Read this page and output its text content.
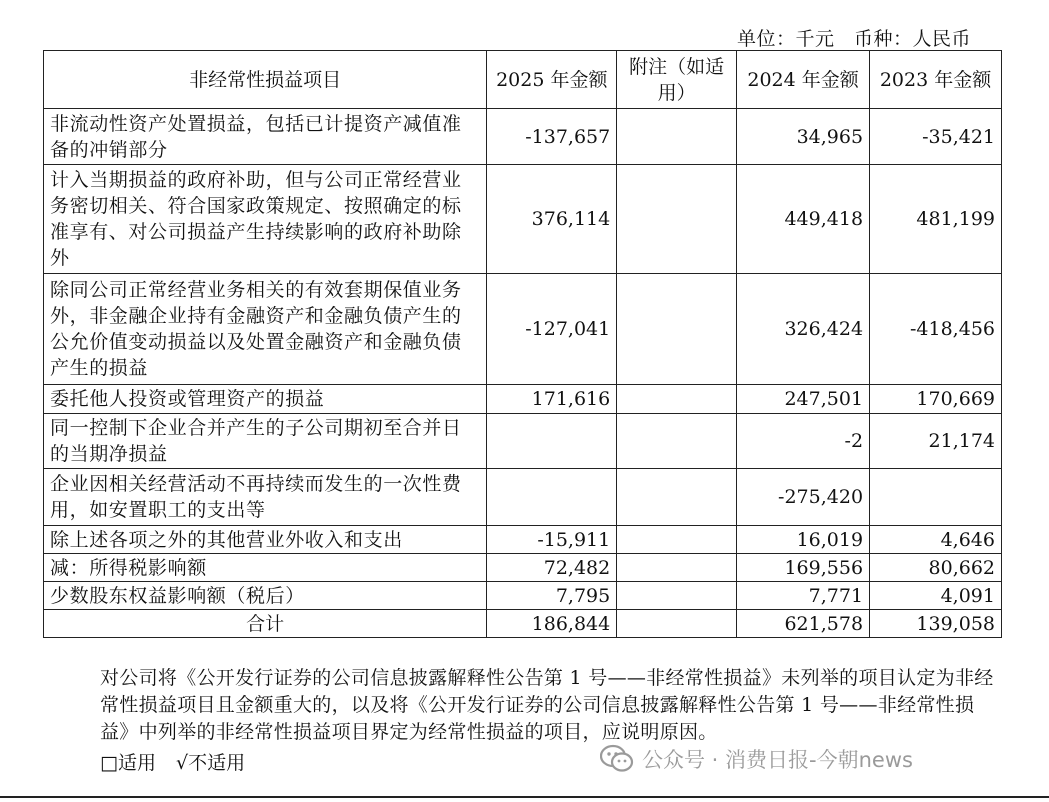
单位：千元　币种：人民币
非经常性损益项目	2025 年金额	附注（如适用）	2024 年金额	2023 年金额
非流动性资产处置损益，包括已计提资产减值准备的冲销部分	-137,657		34,965	-35,421
计入当期损益的政府补助，但与公司正常经营业务密切相关、符合国家政策规定、按照确定的标准享有、对公司损益产生持续影响的政府补助除外	376,114		449,418	481,199
除同公司正常经营业务相关的有效套期保值业务外，非金融企业持有金融资产和金融负债产生的公允价值变动损益以及处置金融资产和金融负债产生的损益	-127,041		326,424	-418,456
委托他人投资或管理资产的损益	171,616		247,501	170,669
同一控制下企业合并产生的子公司期初至合并日的当期净损益			-2	21,174
企业因相关经营活动不再持续而发生的一次性费用，如安置职工的支出等			-275,420	
除上述各项之外的其他营业外收入和支出	-15,911		16,019	4,646
减：所得税影响额	72,482		169,556	80,662
少数股东权益影响额（税后）	7,795		7,771	4,091
合计	186,844		621,578	139,058
对公司将《公开发行证券的公司信息披露解释性公告第 1 号——非经常性损益》未列举的项目认定为非经常性损益项目且金额重大的，以及将《公开发行证券的公司信息披露解释性公告第 1 号——非经常性损益》中列举的非经常性损益项目界定为经常性损益的项目，应说明原因。
□适用 √不适用	公众号 · 消费日报-今朝news
